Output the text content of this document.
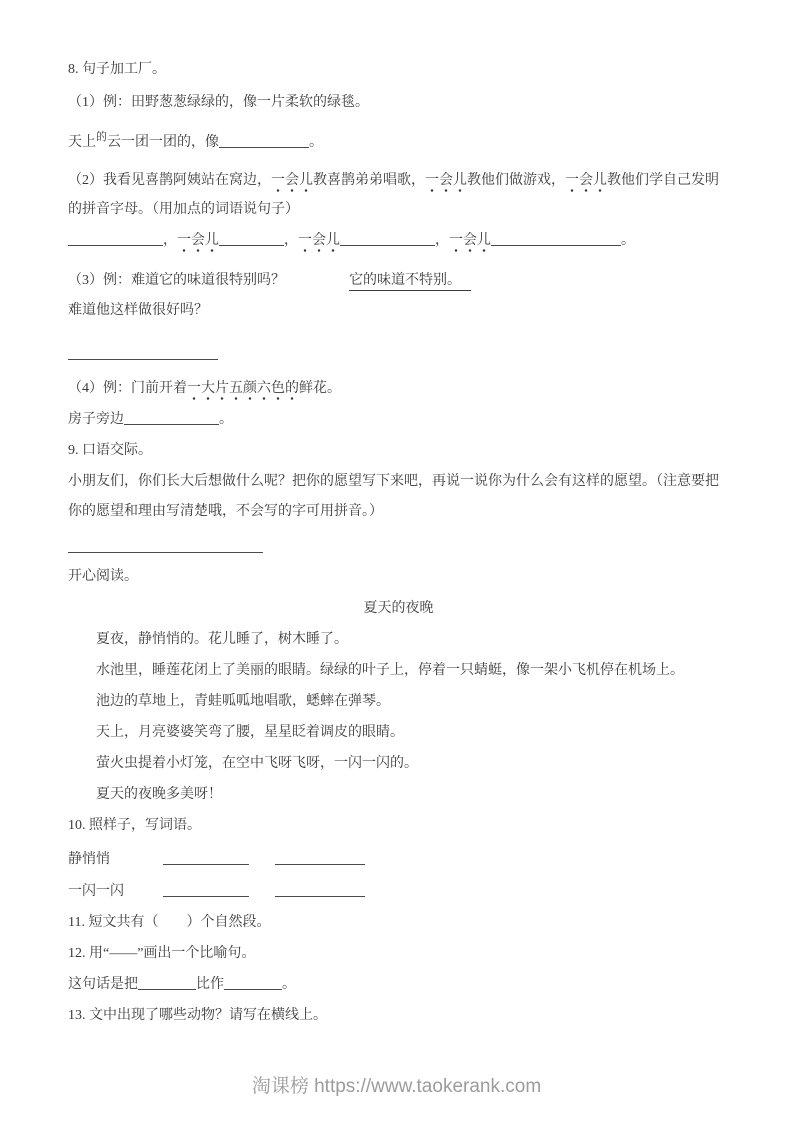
8. 句子加工厂。
（1）例：田野葱葱绿绿的，像一片柔软的绿毯。
天上$^的$云一团一团的，像	。
（2）我看见喜鹊阿姨站在窝边，一会儿教喜鹊弟弟唱歌，一会儿教他们做游戏，一会儿教他们学自己发明
的拼音字母。（用加点的词语说句子）
，一会儿	，一会儿	，一会儿	。
（3）例：难道它的味道很特别吗？	它的味道不特别。
难道他这样做很好吗？
（4）例：门前开着一大片五颜六色的鲜花。
房子旁边	。
9. 口语交际。
小朋友们，你们长大后想做什么呢？把你的愿望写下来吧，再说一说你为什么会有这样的愿望。（注意要把
你的愿望和理由写清楚哦，不会写的字可用拼音。）
开心阅读。
夏天的夜晚
夏夜，静悄悄的。花儿睡了，树木睡了。
水池里，睡莲花闭上了美丽的眼睛。绿绿的叶子上，停着一只蜻蜓，像一架小飞机停在机场上。
池边的草地上，青蛙呱呱地唱歌，蟋蟀在弹琴。
天上，月亮婆婆笑弯了腰，星星眨着调皮的眼睛。
萤火虫提着小灯笼，在空中飞呀飞呀，一闪一闪的。
夏天的夜晚多美呀！
10. 照样子，写词语。
静悄悄
一闪一闪
11. 短文共有（　　）个自然段。
12. 用“——”画出一个比喻句。
这句话是把	比作	。
13. 文中出现了哪些动物？请写在横线上。
淘课榜 https://www.taokerank.com
